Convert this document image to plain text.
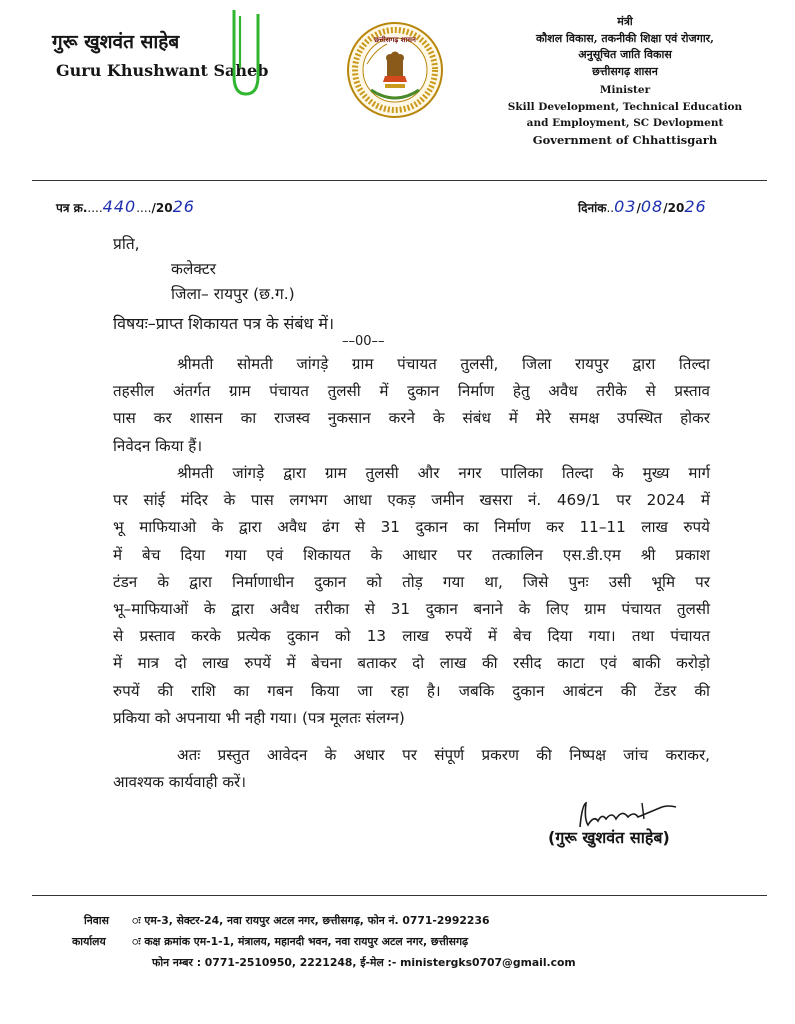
गुरू खुशवंत साहेब
Guru Khushwant Saheb
छत्तीसगढ़ शासन
मंत्री
कौशल विकास, तकनीकी शिक्षा एवं रोजगार,
अनुसूचित जाति विकास
छत्तीसगढ़ शासन
Minister
Skill Development, Technical Education
and Employment, SC Devlopment
Government of Chhattisgarh
पत्र क्र.....440..../2026	दिनांक..03/08/2026
प्रति,
कलेक्टर
जिला– रायपुर (छ.ग.)
विषयः–प्राप्त शिकायत पत्र के संबंध में।
––00––
श्रीमती सोमती जांगड़े ग्राम पंचायत तुलसी, जिला रायपुर द्वारा तिल्दा
तहसील अंतर्गत ग्राम पंचायत तुलसी में दुकान निर्माण हेतु अवैध तरीके से प्रस्ताव
पास कर शासन का राजस्व नुकसान करने के संबंध में मेरे समक्ष उपस्थित होकर
निवेदन किया हैं।
श्रीमती जांगड़े द्वारा ग्राम तुलसी और नगर पालिका तिल्दा के मुख्य मार्ग
पर सांई मंदिर के पास लगभग आधा एकड़ जमीन खसरा नं. 469/1 पर 2024 में
भू माफियाओ के द्वारा अवैध ढंग से 31 दुकान का निर्माण कर 11–11 लाख रुपये
में बेच दिया गया एवं शिकायत के आधार पर तत्कालिन एस.डी.एम श्री प्रकाश
टंडन के द्वारा निर्माणाधीन दुकान को तोड़ गया था, जिसे पुनः उसी भूमि पर
भू–माफियाओं के द्वारा अवैध तरीका से 31 दुकान बनाने के लिए ग्राम पंचायत तुलसी
से प्रस्ताव करके प्रत्येक दुकान को 13 लाख रुपयें में बेच दिया गया। तथा पंचायत
में मात्र दो लाख रुपयें में बेचना बताकर दो लाख की रसीद काटा एवं बाकी करोड़ो
रुपयें की राशि का गबन किया जा रहा है। जबकि दुकान आबंटन की टेंडर की
प्रकिया को अपनाया भी नही गया। (पत्र मूलतः संलग्न)
अतः प्रस्तुत आवेदन के अधार पर संपूर्ण प्रकरण की निष्पक्ष जांच कराकर,
आवश्यक कार्यवाही करें।
(गुरू खुशवंत साहेब)
निवास ः एम-3, सेक्टर-24, नवा रायपुर अटल नगर, छत्तीसगढ़, फोन नं. 0771-2992236
कार्यालय ः कक्ष क्रमांक एम-1-1, मंत्रालय, महानदी भवन, नवा रायपुर अटल नगर, छत्तीसगढ़
फोन नम्बर : 0771-2510950, 2221248, ई-मेल :- ministergks0707@gmail.com
